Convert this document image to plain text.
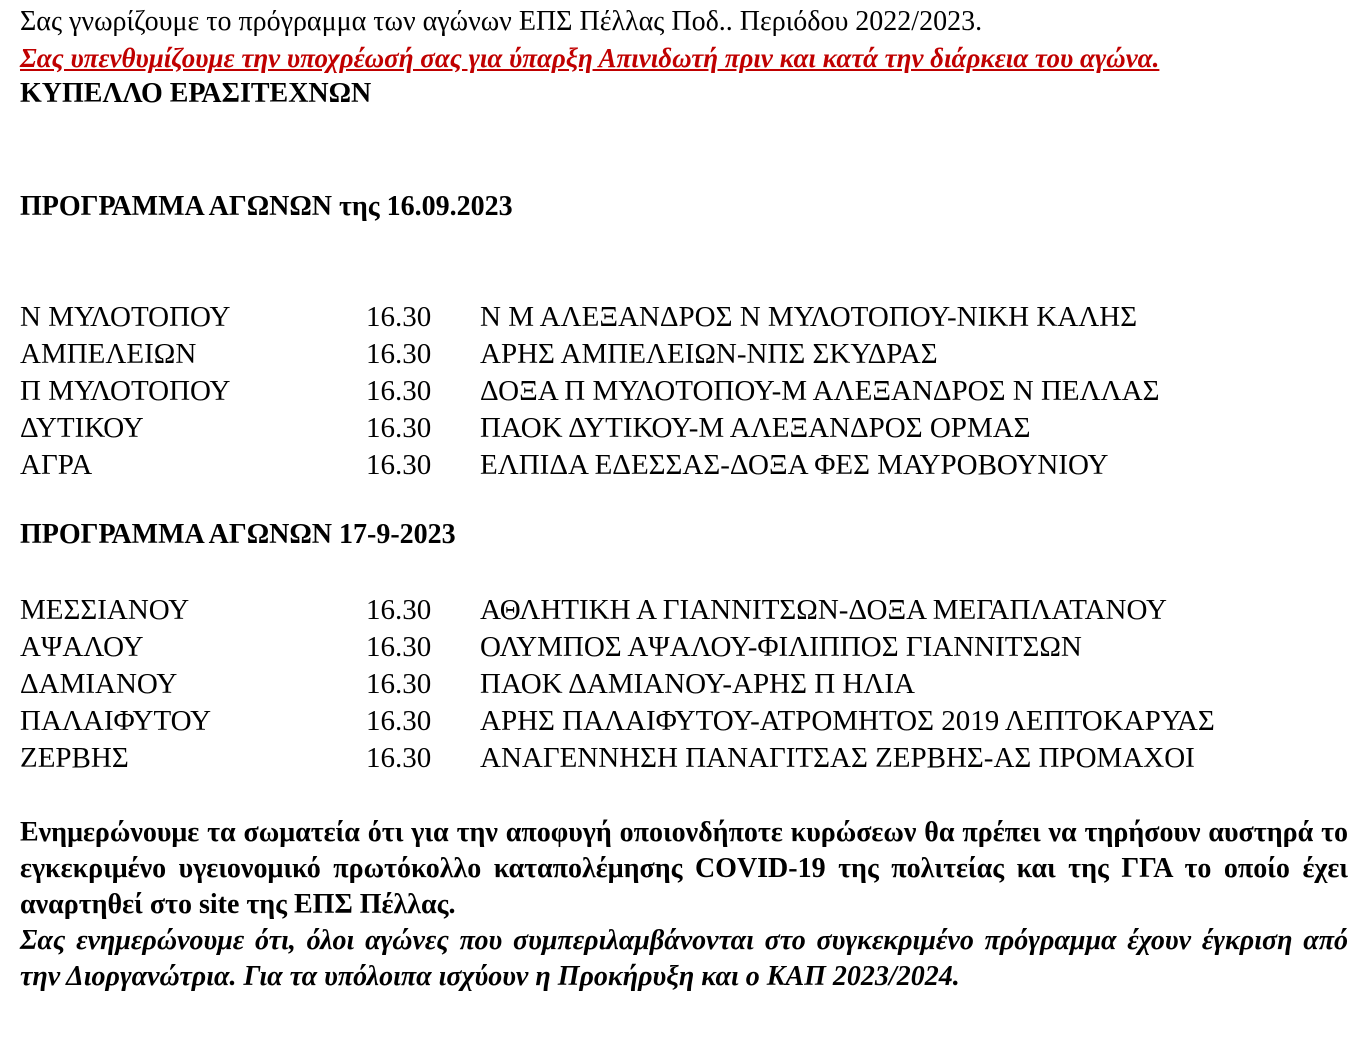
Σας γνωρίζουμε το πρόγραμμα των αγώνων ΕΠΣ Πέλλας Ποδ.. Περιόδου 2022/2023.
Σας υπενθυμίζουμε την υποχρέωσή σας για ύπαρξη Απινιδωτή πριν και κατά την διάρκεια του αγώνα.
ΚΥΠΕΛΛΟ ΕΡΑΣΙΤΕΧΝΩΝ
ΠΡΟΓΡΑΜΜΑ ΑΓΩΝΩΝ της 16.09.2023
Ν ΜΥΛΟΤΟΠΟΥ	16.30 Ν Μ ΑΛΕΞΑΝΔΡΟΣ Ν ΜΥΛΟΤΟΠΟΥ-ΝΙΚΗ ΚΑΛΗΣ
ΑΜΠΕΛΕΙΩΝ	16.30 ΑΡΗΣ ΑΜΠΕΛΕΙΩΝ-ΝΠΣ ΣΚΥΔΡΑΣ
Π ΜΥΛΟΤΟΠΟΥ	16.30 ΔΟΞΑ Π ΜΥΛΟΤΟΠΟΥ-Μ ΑΛΕΞΑΝΔΡΟΣ Ν ΠΕΛΛΑΣ
ΔΥΤΙΚΟΥ	16.30 ΠΑΟΚ ΔΥΤΙΚΟΥ-Μ ΑΛΕΞΑΝΔΡΟΣ ΟΡΜΑΣ
ΑΓΡΑ	16.30 ΕΛΠΙΔΑ ΕΔΕΣΣΑΣ-ΔΟΞΑ ΦΕΣ ΜΑΥΡΟΒΟΥΝΙΟΥ
ΠΡΟΓΡΑΜΜΑ ΑΓΩΝΩΝ 17-9-2023
ΜΕΣΣΙΑΝΟΥ	16.30 ΑΘΛΗΤΙΚΗ Α ΓΙΑΝΝΙΤΣΩΝ-ΔΟΞΑ ΜΕΓΑΠΛΑΤΑΝΟΥ
ΑΨΑΛΟΥ	16.30 ΟΛΥΜΠΟΣ ΑΨΑΛΟΥ-ΦΙΛΙΠΠΟΣ ΓΙΑΝΝΙΤΣΩΝ
ΔΑΜΙΑΝΟΥ	16.30 ΠΑΟΚ ΔΑΜΙΑΝΟΥ-ΑΡΗΣ Π ΗΛΙΑ
ΠΑΛΑΙΦΥΤΟΥ	16.30 ΑΡΗΣ ΠΑΛΑΙΦΥΤΟΥ-ΑΤΡΟΜΗΤΟΣ 2019 ΛΕΠΤΟΚΑΡΥΑΣ
ΖΕΡΒΗΣ	16.30 ΑΝΑΓΕΝΝΗΣΗ ΠΑΝΑΓΙΤΣΑΣ ΖΕΡΒΗΣ-ΑΣ ΠΡΟΜΑΧΟΙ
Ενημερώνουμε τα σωματεία ότι για την αποφυγή οποιονδήποτε κυρώσεων θα πρέπει να τηρήσουν αυστηρά το εγκεκριμένο υγειονομικό πρωτόκολλο καταπολέμησης COVID-19 της πολιτείας και της ΓΓΑ το οποίο έχει αναρτηθεί στο site της ΕΠΣ Πέλλας.
Σας ενημερώνουμε ότι, όλοι αγώνες που συμπεριλαμβάνονται στο συγκεκριμένο πρόγραμμα έχουν έγκριση από την Διοργανώτρια. Για τα υπόλοιπα ισχύουν η Προκήρυξη και ο ΚΑΠ 2023/2024.
